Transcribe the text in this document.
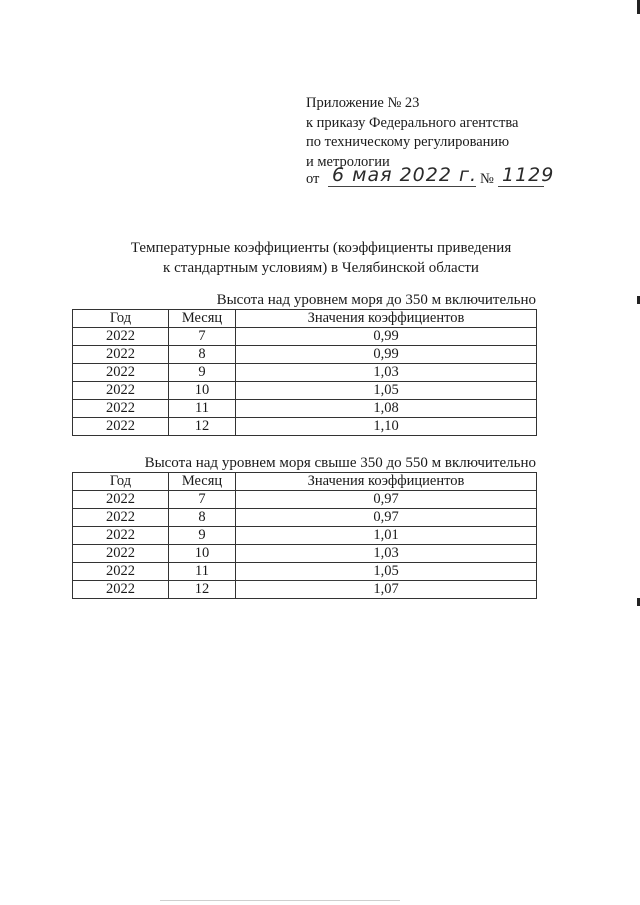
Приложение № 23
к приказу Федерального агентства
по техническому регулированию
и метрологии
от 6 мая 2022 г. № 1129
Температурные коэффициенты (коэффициенты приведения
к стандартным условиям) в Челябинской области
Высота над уровнем моря до 350 м включительно
Год	Месяц	Значения коэффициентов
2022	7	0,99
2022	8	0,99
2022	9	1,03
2022	10	1,05
2022	11	1,08
2022	12	1,10
Высота над уровнем моря свыше 350 до 550 м включительно
Год	Месяц	Значения коэффициентов
2022	7	0,97
2022	8	0,97
2022	9	1,01
2022	10	1,03
2022	11	1,05
2022	12	1,07
